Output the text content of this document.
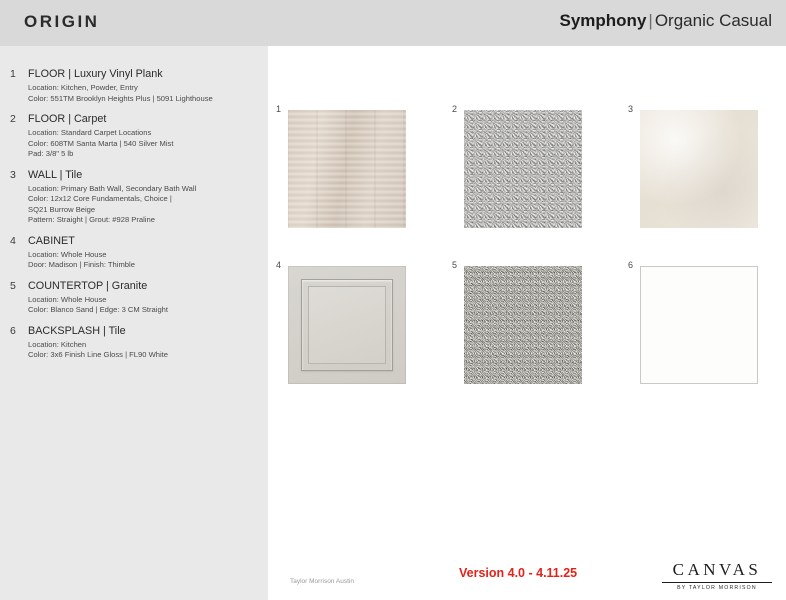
ORIGIN	Symphony | Organic Casual
1	FLOOR | Luxury Vinyl Plank
Location: Kitchen, Powder, Entry
Color: 551TM Brooklyn Heights Plus | 5091 Lighthouse
2	FLOOR | Carpet
Location: Standard Carpet Locations
Color: 608TM Santa Marta | 540 Silver Mist
Pad: 3/8" 5 lb
3	WALL | Tile
Location: Primary Bath Wall, Secondary Bath Wall
Color: 12x12 Core Fundamentals, Choice |
SQ21 Burrow Beige
Pattern: Straight | Grout: #928 Praline
4	CABINET
Location: Whole House
Door: Madison | Finish: Thimble
5	COUNTERTOP | Granite
Location: Whole House
Color: Blanco Sand | Edge: 3 CM Straight
6	BACKSPLASH | Tile
Location: Kitchen
Color: 3x6 Finish Line Gloss | FL90 White
1	2	3
4	5	6
Taylor Morrison Austin
Version 4.0 - 4.11.25	CANVAS
BY TAYLOR MORRISON
